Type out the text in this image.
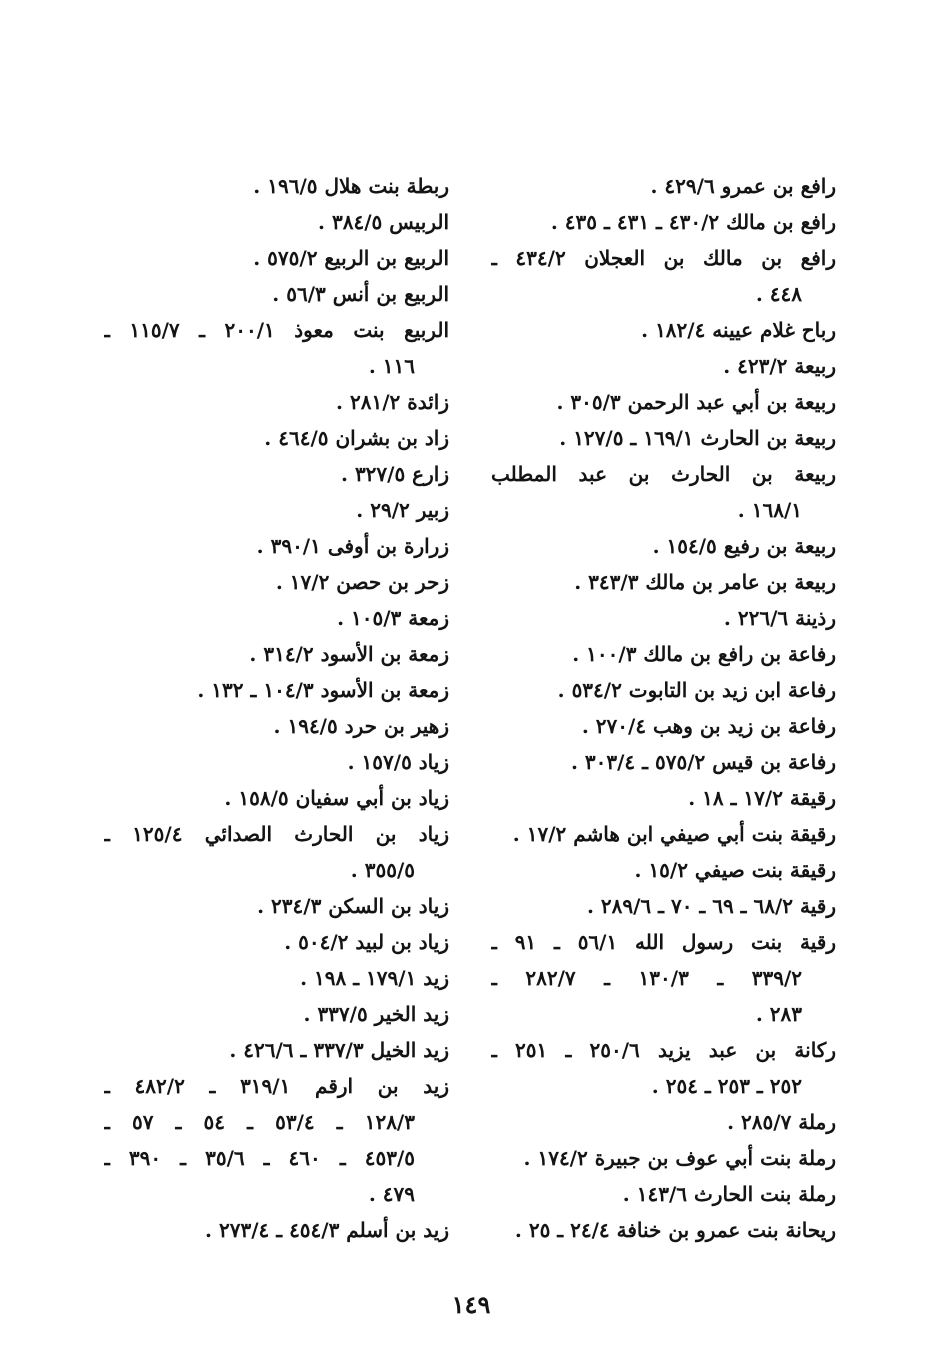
رافع بن عمرو ٤٢٩/٦ .
رافع بن مالك ٤٣٠/٢ ـ ٤٣١ ـ ٤٣٥ .
رافع بن مالك بن العجلان ٤٣٤/٢ ـ
٤٤٨ .
رباح غلام عيينه ١٨٢/٤ .
ربيعة ٤٢٣/٢ .
ربيعة بن أبي عبد الرحمن ٣٠٥/٣ .
ربيعة بن الحارث ١٦٩/١ ـ ١٢٧/٥ .
ربيعة بن الحارث بن عبد المطلب
١٦٨/١ .
ربيعة بن رفيع ١٥٤/٥ .
ربيعة بن عامر بن مالك ٣٤٣/٣ .
رذينة ٢٢٦/٦ .
رفاعة بن رافع بن مالك ١٠٠/٣ .
رفاعة ابن زيد بن التابوت ٥٣٤/٢ .
رفاعة بن زيد بن وهب ٢٧٠/٤ .
رفاعة بن قيس ٥٧٥/٢ ـ ٣٠٣/٤ .
رقيقة ١٧/٢ ـ ١٨ .
رقيقة بنت أبي صيفي ابن هاشم ١٧/٢ .
رقيقة بنت صيفي ١٥/٢ .
رقية ٦٨/٢ ـ ٦٩ ـ ٧٠ ـ ٢٨٩/٦ .
رقية بنت رسول الله ٥٦/١ ـ ٩١ ـ
٣٣٩/٢ ـ ١٣٠/٣ ـ ٢٨٢/٧ ـ
٢٨٣ .
ركانة بن عبد يزيد ٢٥٠/٦ ـ ٢٥١ ـ
٢٥٢ ـ ٢٥٣ ـ ٢٥٤ .
رملة ٢٨٥/٧ .
رملة بنت أبي عوف بن جبيرة ١٧٤/٢ .
رملة بنت الحارث ١٤٣/٦ .
ريحانة بنت عمرو بن خنافة ٢٤/٤ ـ ٢٥ .
ربطة بنت هلال ١٩٦/٥ .
الربيس ٣٨٤/٥ .
الربيع بن الربيع ٥٧٥/٢ .
الربيع بن أنس ٥٦/٣ .
الربيع بنت معوذ ٢٠٠/١ ـ ١١٥/٧ ـ
١١٦ .
زائدة ٢٨١/٢ .
زاد بن بشران ٤٦٤/٥ .
زارع ٣٢٧/٥ .
زبير ٢٩/٢ .
زرارة بن أوفى ٣٩٠/١ .
زحر بن حصن ١٧/٢ .
زمعة ١٠٥/٣ .
زمعة بن الأسود ٣١٤/٢ .
زمعة بن الأسود ١٠٤/٣ ـ ١٣٢ .
زهير بن حرد ١٩٤/٥ .
زياد ١٥٧/٥ .
زياد بن أبي سفيان ١٥٨/٥ .
زياد بن الحارث الصدائي ١٢٥/٤ ـ
٣٥٥/٥ .
زياد بن السكن ٢٣٤/٣ .
زياد بن لبيد ٥٠٤/٢ .
زيد ١٧٩/١ ـ ١٩٨ .
زيد الخير ٣٣٧/٥ .
زيد الخيل ٣٣٧/٣ ـ ٤٢٦/٦ .
زيد بن ارقم ٣١٩/١ ـ ٤٨٢/٢ ـ
١٢٨/٣ ـ ٥٣/٤ ـ ٥٤ ـ ٥٧ ـ
٤٥٣/٥ ـ ٤٦٠ ـ ٣٥/٦ ـ ٣٩٠ ـ
٤٧٩ .
زيد بن أسلم ٤٥٤/٣ ـ ٢٧٣/٤ .
١٤٩
